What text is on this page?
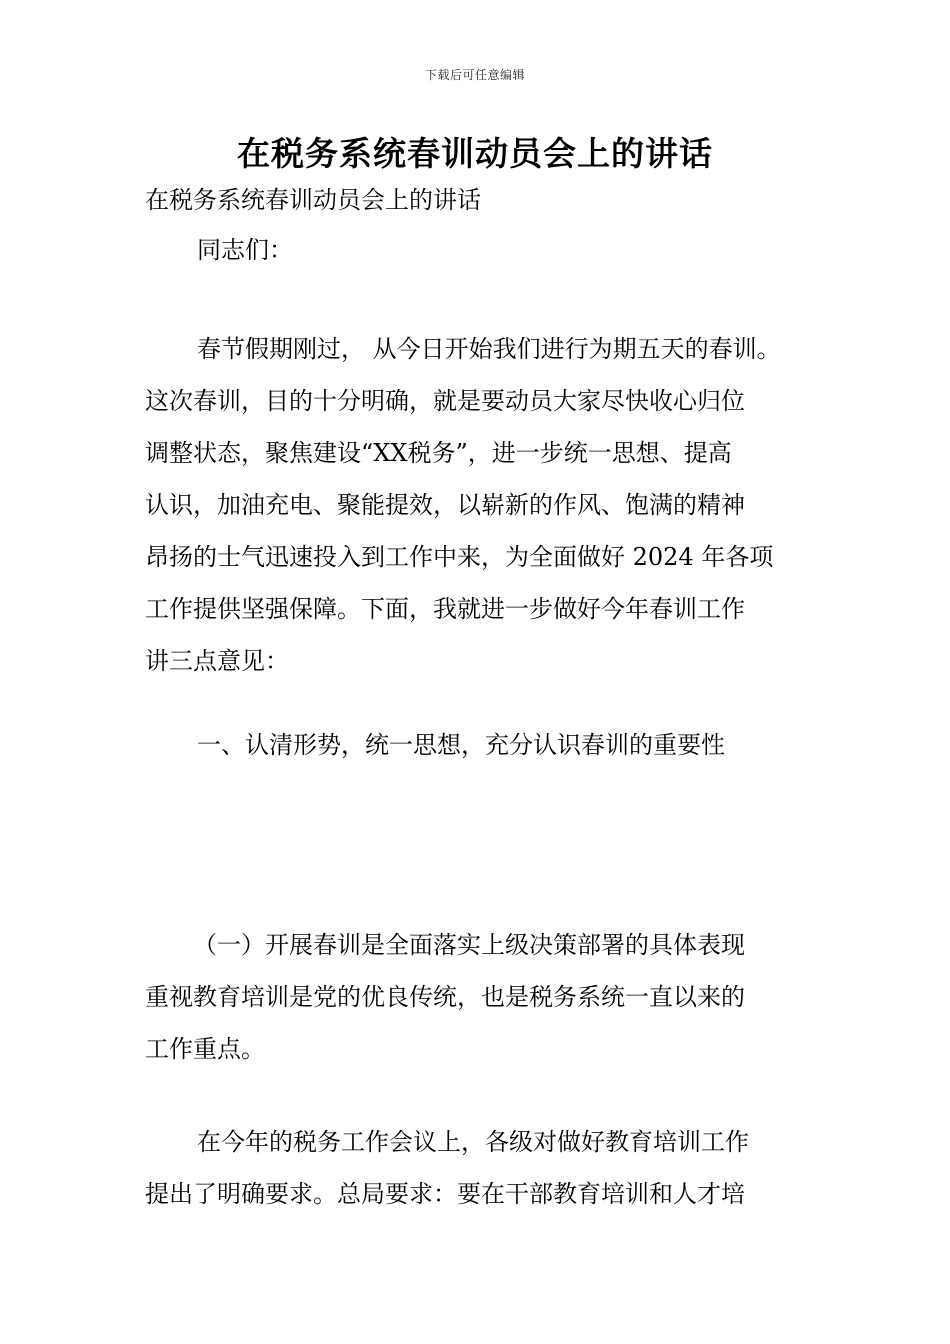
下载后可任意编辑
在税务系统春训动员会上的讲话
在税务系统春训动员会上的讲话
同志们：
春节假期刚过， 从今日开始我们进行为期五天的春训。
这次春训，目的十分明确，就是要动员大家尽快收心归位
调整状态，聚焦建设“XX税务”，进一步统一思想、提高
认识，加油充电、聚能提效，以崭新的作风、饱满的精神
昂扬的士气迅速投入到工作中来，为全面做好 2024 年各项
工作提供坚强保障。下面，我就进一步做好今年春训工作
讲三点意见：
一、认清形势，统一思想，充分认识春训的重要性
（一）开展春训是全面落实上级决策部署的具体表现
重视教育培训是党的优良传统，也是税务系统一直以来的
工作重点。
在今年的税务工作会议上，各级对做好教育培训工作
提出了明确要求。总局要求：要在干部教育培训和人才培
